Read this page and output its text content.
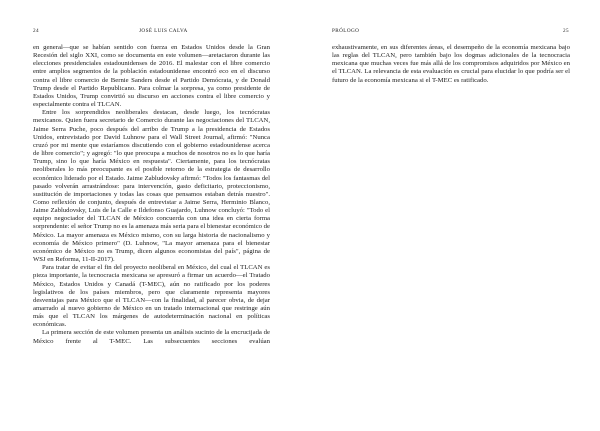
24	JOSÉ LUIS CALVA

en general—que se habían sentido con fuerza en Estados Unidos desde la Gran Recesión del siglo XXI, como se documenta en este volumen—aretaciaron durante las elecciones presidenciales estadounidenses de 2016. El malestar con el libre comercio entre amplios segmentos de la población estadounidense encontró eco en el discurso contra el libre comercio de Bernie Sanders desde el Partido Demócrata, y de Donald Trump desde el Partido Republicano. Para colmar la sorpresa, ya como presidente de Estados Unidos, Trump convirtió su discurso en acciones contra el libre comercio y especialmente contra el TLCAN.

Entre los sorprendidos neoliberales destacan, desde luego, los tecnócratas mexicanos. Quien fuera secretario de Comercio durante las negociaciones del TLCAN, Jaime Serra Puche, poco después del arribo de Trump a la presidencia de Estados Unidos, entrevistado por David Luhnow para el Wall Street Journal, afirmó: "Nunca cruzó por mi mente que estaríamos discutiendo con el gobierno estadounidense acerca de libre comercio"; y agregó: "lo que preocupa a muchos de nosotros no es lo que haría Trump, sino lo que haría México en respuesta". Ciertamente, para los tecnócratas neoliberales lo más preocupante es el posible retorno de la estrategia de desarrollo económico liderado por el Estado. Jaime Zabludovsky afirmó: "Todos los fantasmas del pasado volverán arrastrándose: para intervención, gasto deficitario, proteccionismo, sustitución de importaciones y todas las cosas que pensamos estaban detrás nuestro". Como reflexión de conjunto, después de entrevistar a Jaime Serra, Herminio Blanco, Jaime Zabludovsky, Luis de la Calle e Ildefonso Guajardo, Luhnow concluyó: "Todo el equipo negociador del TLCAN de México concuerda con una idea en cierta forma sorprendente: el señor Trump no es la amenaza más seria para el bienestar económico de México. La mayor amenaza es México mismo, con su larga historia de nacionalismo y economía de México primero" (D. Luhnow, "La mayor amenaza para el bienestar económico de México no es Trump, dicen algunos economistas del país", página de WSJ en Reforma, 11-II-2017).

Para tratar de evitar el fin del proyecto neoliberal en México, del cual el TLCAN es pieza importante, la tecnocracia mexicana se apresuró a firmar un acuerdo—el Tratado México, Estados Unidos y Canadá (T-MEC), aún no ratificado por los poderes legislativos de los países miembros, pero que claramente representa mayores desventajas para México que el TLCAN—con la finalidad, al parecer obvia, de dejar amarrado al nuevo gobierno de México en un tratado internacional que restringe aún más que el TLCAN los márgenes de autodeterminación nacional en políticas económicas.

La primera sección de este volumen presenta un análisis sucinto de la encrucijada de México frente al T-MEC. Las subsecuentes secciones evalúan

PRÓLOGO	25

exhaustivamente, en sus diferentes áreas, el desempeño de la economía mexicana bajo las reglas del TLCAN, pero también bajo los dogmas adicionales de la tecnocracia mexicana que muchas veces fue más allá de los compromisos adquiridos por México en el TLCAN. La relevancia de esta evaluación es crucial para elucidar lo que podría ser el futuro de la economía mexicana si el T-MEC es ratificado.
